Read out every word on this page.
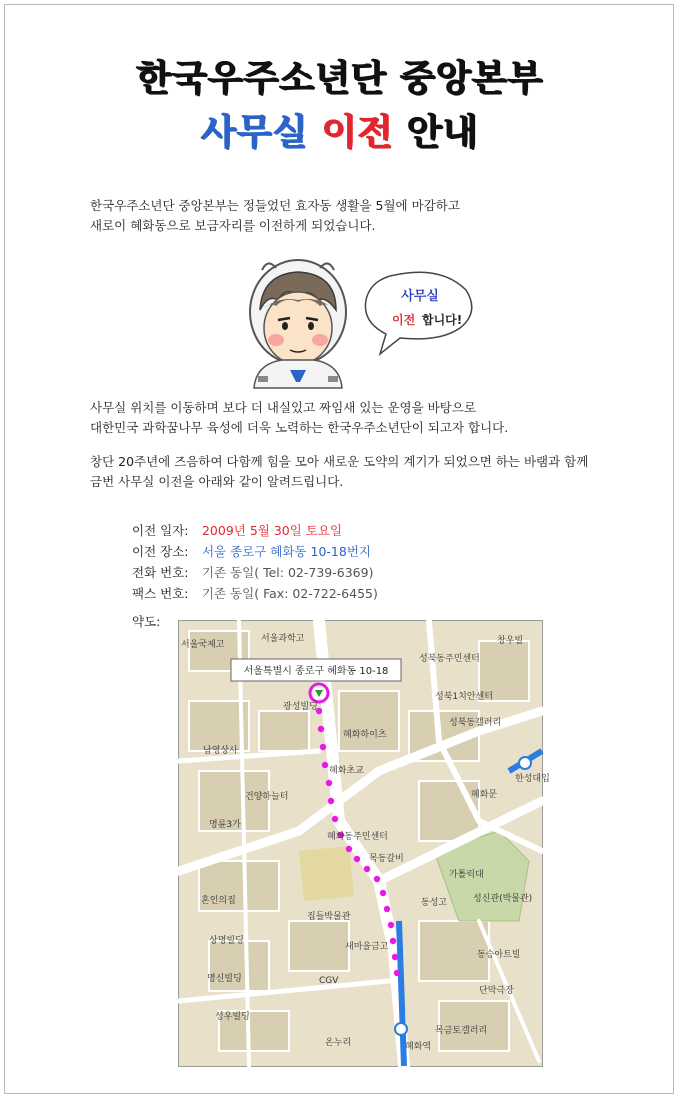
한국우주소년단 중앙본부
사무실 이전 안내
한국우주소년단 중앙본부는 정들었던 효자동 생활을 5월에 마감하고
새로이 혜화동으로 보금자리를 이전하게 되었습니다.
사무실
이전 합니다!
사무실 위치를 이동하며 보다 더 내실있고 짜임새 있는 운영을 바탕으로
대한민국 과학꿈나무 육성에 더욱 노력하는 한국우주소년단이 되고자 합니다.
창단 20주년에 즈음하여 다함께 힘을 모아 새로운 도약의 계기가 되었으면 하는 바램과 함께
금번 사무실 이전을 아래와 같이 알려드립니다.
이전 일자: 2009년 5월 30일 토요일
이전 장소: 서울 종로구 혜화동 10-18번지
전화 번호: 기존 동일( Tel: 02-739-6369)
팩스 번호: 기존 동일( Fax: 02-722-6455)
약도:
서울특별시 종로구 혜화동 10-18
서울과학고
서울국제고	창우빌
성북동주민센터
성북1치안센터
성북동갤러리
광성빌딩
혜화하이츠
남영상사
혜화초교
한성대입
건양하늘터	혜화문
명륜3가
혜화동주민센터
목동갈비
가톨릭대
혼인의집	동성고	성신관(박물관)
집들박물관
상명빌딩
새마을금고
동승아트빌
명신빌딩	CGV
단막극장
성우빌딩
목금토갤러리
온누리	혜화역
